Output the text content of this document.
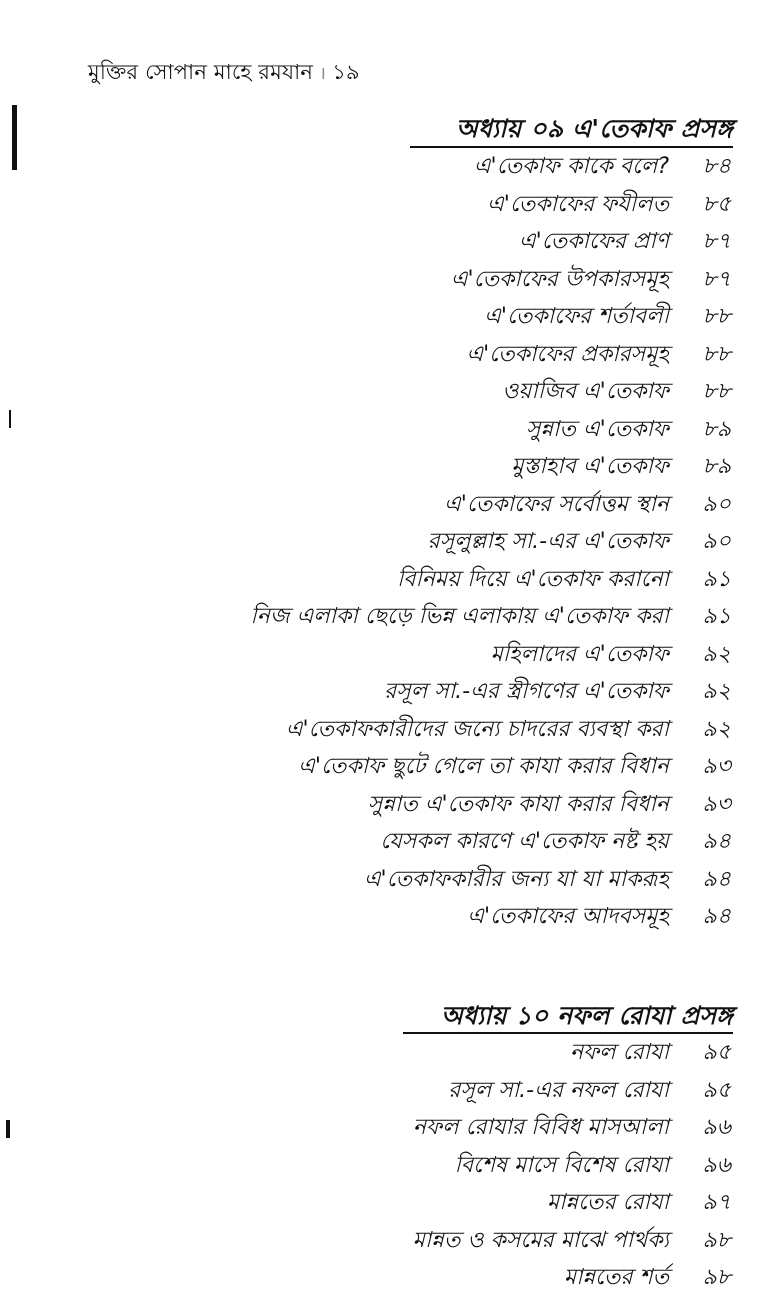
মুক্তির সোপান মাহে রমযান । ১৯
অধ্যায় ০৯ এ'তেকাফ প্রসঙ্গ
এ'তেকাফ কাকে বলে?	৮৪
এ'তেকাফের ফযীলত	৮৫
এ'তেকাফের প্রাণ	৮৭
এ'তেকাফের উপকারসমূহ	৮৭
এ'তেকাফের শর্তাবলী	৮৮
এ'তেকাফের প্রকারসমূহ	৮৮
ওয়াজিব এ'তেকাফ	৮৮
সুন্নাত এ'তেকাফ	৮৯
মুস্তাহাব এ'তেকাফ	৮৯
এ'তেকাফের সর্বোত্তম স্থান	৯০
রসূলুল্লাহ সা.-এর এ'তেকাফ	৯০
বিনিময় দিয়ে এ'তেকাফ করানো	৯১
নিজ এলাকা ছেড়ে ভিন্ন এলাকায় এ'তেকাফ করা	৯১
মহিলাদের এ'তেকাফ	৯২
রসূল সা.-এর স্ত্রীগণের এ'তেকাফ	৯২
এ'তেকাফকারীদের জন্যে চাদরের ব্যবস্থা করা	৯২
এ'তেকাফ ছুটে গেলে তা কাযা করার বিধান	৯৩
সুন্নাত এ'তেকাফ কাযা করার বিধান	৯৩
যেসকল কারণে এ'তেকাফ নষ্ট হয়	৯৪
এ'তেকাফকারীর জন্য যা যা মাকরূহ	৯৪
এ'তেকাফের আদবসমূহ	৯৪
অধ্যায় ১০ নফল রোযা প্রসঙ্গ
নফল রোযা	৯৫
রসূল সা.-এর নফল রোযা	৯৫
নফল রোযার বিবিধ মাসআলা	৯৬
বিশেষ মাসে বিশেষ রোযা	৯৬
মান্নতের রোযা	৯৭
মান্নত ও কসমের মাঝে পার্থক্য	৯৮
মান্নতের শর্ত	৯৮
